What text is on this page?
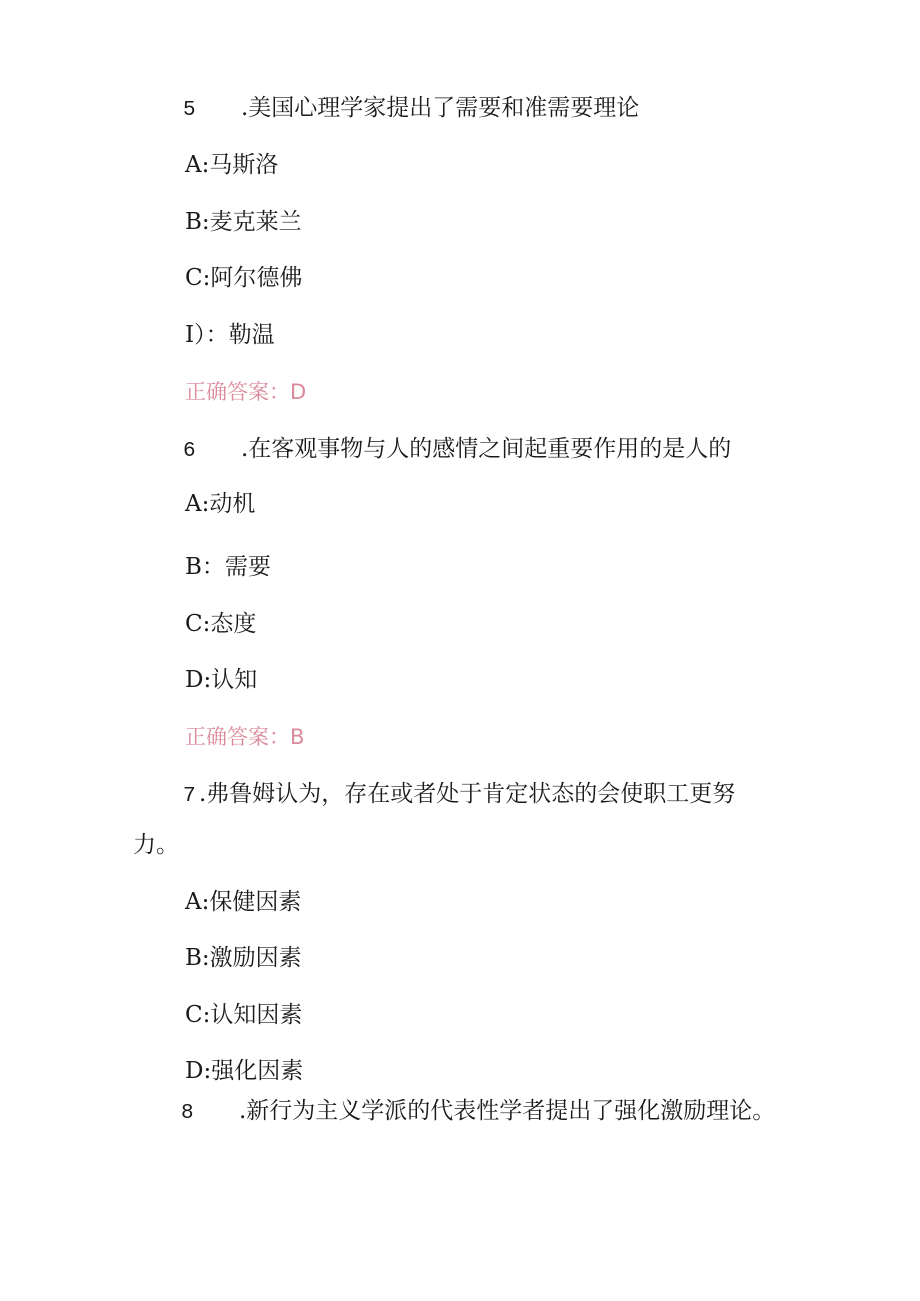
5 .美国心理学家提出了需要和准需要理论
A:马斯洛
B:麦克莱兰
C:阿尔德佛
I）：勒温
正确答案：D
6 .在客观事物与人的感情之间起重要作用的是人的
A:动机
B：需要
C:态度
D:认知
正确答案：B
7 .弗鲁姆认为，存在或者处于肯定状态的会使职工更努
力。
A:保健因素
B:激励因素
C:认知因素
D:强化因素
8 .新行为主义学派的代表性学者提出了强化激励理论。
